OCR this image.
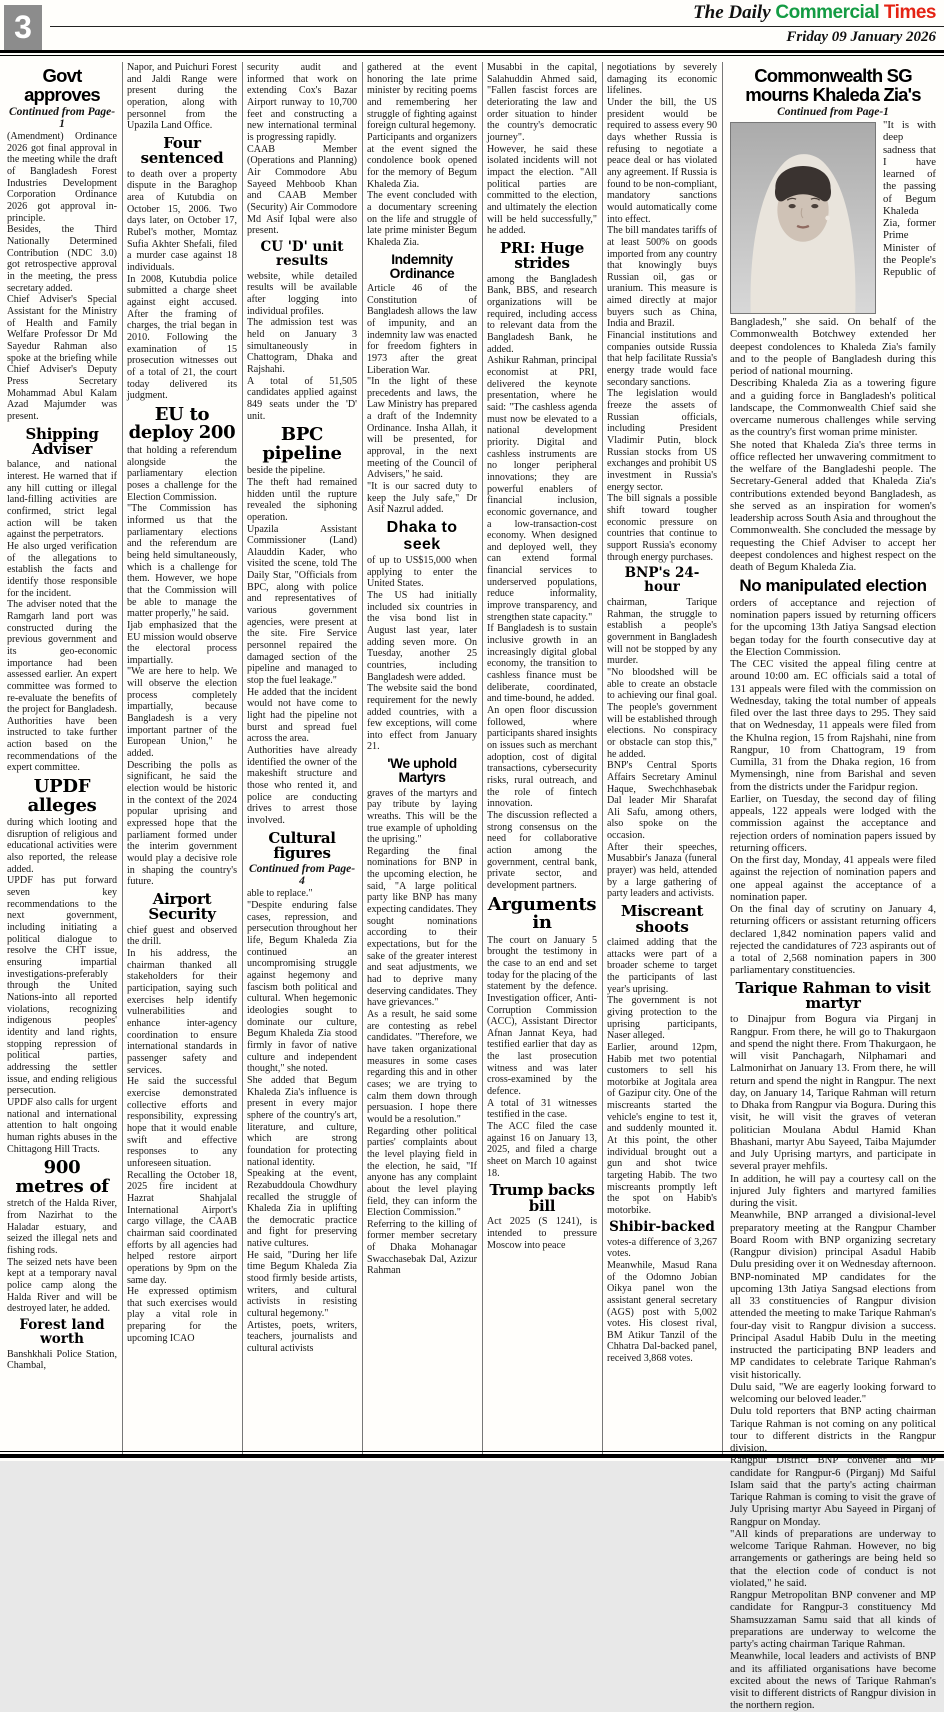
3	The Daily Commercial Times
Friday 09 January 2026
Govt approves
Continued from Page-1

(Amendment) Ordinance 2026 got final approval in the meeting while the draft of Bangladesh Forest Industries Development Corporation Ordinance 2026 got approval in-principle.

Besides, the Third Nationally Determined Contribution (NDC 3.0) got retrospective approval in the meeting, the press secretary added.

Chief Adviser's Special Assistant for the Ministry of Health and Family Welfare Professor Dr Md Sayedur Rahman also spoke at the briefing while Chief Adviser's Deputy Press Secretary Mohammad Abul Kalam Azad Majumder was present.

Shipping Adviser

balance, and national interest. He warned that if any hill cutting or illegal land-filling activities are confirmed, strict legal action will be taken against the perpetrators.

He also urged verification of the allegations to establish the facts and identify those responsible for the incident.

The adviser noted that the Ramgarh land port was constructed during the previous government and its geo-economic importance had been assessed earlier. An expert committee was formed to re-evaluate the benefits of the project for Bangladesh. Authorities have been instructed to take further action based on the recommendations of the expert committee.

UPDF alleges

during which looting and disruption of religious and educational activities were also reported, the release added.

UPDF has put forward seven key recommendations to the next government, including initiating a political dialogue to resolve the CHT issue, ensuring impartial investigations-preferably through the United Nations-into all reported violations, recognizing indigenous peoples' identity and land rights, stopping repression of political parties, addressing the settler issue, and ending religious persecution.

UPDF also calls for urgent national and international attention to halt ongoing human rights abuses in the Chittagong Hill Tracts.

900 metres of

stretch of the Halda River, from Nazirhat to the Haladar estuary, and seized the illegal nets and fishing rods.

The seized nets have been kept at a temporary naval police camp along the Halda River and will be destroyed later, he added.

Forest land worth

Banshkhali Police Station, Chambal,

Napor, and Puichuri Forest and Jaldi Range were present during the operation, along with personnel from the Upazila Land Office.

Four sentenced

to death over a property dispute in the Baraghop area of Kutubdia on October 15, 2006. Two days later, on October 17, Rubel's mother, Momtaz Sufia Akhter Shefali, filed a murder case against 18 individuals.

In 2008, Kutubdia police submitted a charge sheet against eight accused. After the framing of charges, the trial began in 2010. Following the examination of 15 prosecution witnesses out of a total of 21, the court today delivered its judgment.

EU to deploy 200

that holding a referendum alongside the parliamentary election poses a challenge for the Election Commission.

"The Commission has informed us that the parliamentary elections and the referendum are being held simultaneously, which is a challenge for them. However, we hope that the Commission will be able to manage the matter properly," he said.

Ijab emphasized that the EU mission would observe the electoral process impartially.

"We are here to help. We will observe the election process completely impartially, because Bangladesh is a very important partner of the European Union," he added.

Describing the polls as significant, he said the election would be historic in the context of the 2024 popular uprising and expressed hope that the parliament formed under the interim government would play a decisive role in shaping the country's future.

Airport Security

chief guest and observed the drill.

In his address, the chairman thanked all stakeholders for their participation, saying such exercises help identify vulnerabilities and enhance inter-agency coordination to ensure international standards in passenger safety and services.

He said the successful exercise demonstrated collective efforts and responsibility, expressing hope that it would enable swift and effective responses to any unforeseen situation.

Recalling the October 18, 2025 fire incident at Hazrat Shahjalal International Airport's cargo village, the CAAB chairman said coordinated efforts by all agencies had helped restore airport operations by 9pm on the same day.

He expressed optimism that such exercises would play a vital role in preparing for the upcoming ICAO

security audit and informed that work on extending Cox's Bazar Airport runway to 10,700 feet and constructing a new international terminal is progressing rapidly.

CAAB Member (Operations and Planning) Air Commodore Abu Sayeed Mehboob Khan and CAAB Member (Security) Air Commodore Md Asif Iqbal were also present.

CU 'D' unit results

website, while detailed results will be available after logging into individual profiles.

The admission test was held on January 3 simultaneously in Chattogram, Dhaka and Rajshahi.

A total of 51,505 candidates applied against 849 seats under the 'D' unit.

BPC pipeline

beside the pipeline.

The theft had remained hidden until the rupture revealed the siphoning operation.

Upazila Assistant Commissioner (Land) Alauddin Kader, who visited the scene, told The Daily Star, "Officials from BPC, along with police and representatives of various government agencies, were present at the site. Fire Service personnel repaired the damaged section of the pipeline and managed to stop the fuel leakage."

He added that the incident would not have come to light had the pipeline not burst and spread fuel across the area.

Authorities have already identified the owner of the makeshift structure and those who rented it, and police are conducting drives to arrest those involved.

Cultural figures
Continued from Page- 4

able to replace."

"Despite enduring false cases, repression, and persecution throughout her life, Begum Khaleda Zia continued an uncompromising struggle against hegemony and fascism both political and cultural. When hegemonic ideologies sought to dominate our culture, Begum Khaleda Zia stood firmly in favor of native culture and independent thought," she noted.

She added that Begum Khaleda Zia's influence is present in every major sphere of the country's art, literature, and culture, which are strong foundation for protecting national identity.

Speaking at the event, Rezabuddoula Chowdhury recalled the struggle of Khaleda Zia in uplifting the democratic practice and fight for preserving native cultures.

He said, "During her life time Begum Khaleda Zia stood firmly beside artists, writers, and cultural activists in resisting cultural hegemony."

Artistes, poets, writers, teachers, journalists and cultural activists

gathered at the event honoring the late prime minister by reciting poems and remembering her struggle of fighting against foreign cultural hegemony.

Participants and organizers at the event signed the condolence book opened for the memory of Begum Khaleda Zia.

The event concluded with a documentary screening on the life and struggle of late prime minister Begum Khaleda Zia.

Indemnity Ordinance

Article 46 of the Constitution of Bangladesh allows the law of impunity, and an indemnity law was enacted for freedom fighters in 1973 after the great Liberation War.

"In the light of these precedents and laws, the Law Ministry has prepared a draft of the Indemnity Ordinance. Insha Allah, it will be presented, for approval, in the next meeting of the Council of Advisers," he said.

"It is our sacred duty to keep the July safe," Dr Asif Nazrul added.

Dhaka to seek

of up to US$15,000 when applying to enter the United States.

The US had initially included six countries in the visa bond list in August last year, later adding seven more. On Tuesday, another 25 countries, including Bangladesh were added.

The website said the bond requirement for the newly added countries, with a few exceptions, will come into effect from January 21.

'We uphold Martyrs

graves of the martyrs and pay tribute by laying wreaths. This will be the true example of upholding the uprising."

Regarding the final nominations for BNP in the upcoming election, he said, "A large political party like BNP has many expecting candidates. They sought nominations according to their expectations, but for the sake of the greater interest and seat adjustments, we had to deprive many deserving candidates. They have grievances."

As a result, he said some are contesting as rebel candidates. "Therefore, we have taken organizational measures in some cases regarding this and in other cases; we are trying to calm them down through persuasion. I hope there would be a resolution."

Regarding other political parties' complaints about the level playing field in the election, he said, "If anyone has any complaint about the level playing field, they can inform the Election Commission."

Referring to the killing of former member secretary of Dhaka Mohanagar Swacchasebak Dal, Azizur Rahman

Musabbi in the capital, Salahuddin Ahmed said, "Fallen fascist forces are deteriorating the law and order situation to hinder the country's democratic journey".

However, he said these isolated incidents will not impact the election. "All political parties are committed to the election, and ultimately the election will be held successfully," he added.

PRI: Huge strides

among the Bangladesh Bank, BBS, and research organizations will be required, including access to relevant data from the Bangladesh Bank, he added.

Ashikur Rahman, principal economist at PRI, delivered the keynote presentation, where he said: "The cashless agenda must now be elevated to a national development priority. Digital and cashless instruments are no longer peripheral innovations; they are powerful enablers of financial inclusion, economic governance, and a low-transaction-cost economy. When designed and deployed well, they can extend formal financial services to underserved populations, reduce informality, improve transparency, and strengthen state capacity."

If Bangladesh is to sustain inclusive growth in an increasingly digital global economy, the transition to cashless finance must be deliberate, coordinated, and time-bound, he added.

An open floor discussion followed, where participants shared insights on issues such as merchant adoption, cost of digital transactions, cybersecurity risks, rural outreach, and the role of fintech innovation.

The discussion reflected a strong consensus on the need for collaborative action among the government, central bank, private sector, and development partners.

Arguments in

The court on January 5 brought the testimony in the case to an end and set today for the placing of the statement by the defence. Investigation officer, Anti-Corruption Commission (ACC), Assistant Director Afnan Jannat Keya, had testified earlier that day as the last prosecution witness and was later cross-examined by the defence.

A total of 31 witnesses testified in the case.

The ACC filed the case against 16 on January 13, 2025, and filed a charge sheet on March 10 against 18.

Trump backs bill

Act 2025 (S 1241), is intended to pressure Moscow into peace

negotiations by severely damaging its economic lifelines.

Under the bill, the US president would be required to assess every 90 days whether Russia is refusing to negotiate a peace deal or has violated any agreement. If Russia is found to be non-compliant, mandatory sanctions would automatically come into effect.

The bill mandates tariffs of at least 500% on goods imported from any country that knowingly buys Russian oil, gas or uranium. This measure is aimed directly at major buyers such as China, India and Brazil.

Financial institutions and companies outside Russia that help facilitate Russia's energy trade would face secondary sanctions.

The legislation would freeze the assets of Russian officials, including President Vladimir Putin, block Russian stocks from US exchanges and prohibit US investment in Russia's energy sector.

The bill signals a possible shift toward tougher economic pressure on countries that continue to support Russia's economy through energy purchases.

BNP's 24-hour

chairman, Tarique Rahman, the struggle to establish a people's government in Bangladesh will not be stopped by any murder.

"No bloodshed will be able to create an obstacle to achieving our final goal. The people's government will be established through elections. No conspiracy or obstacle can stop this," he added.

BNP's Central Sports Affairs Secretary Aminul Haque, Swechchhasebak Dal leader Mir Sharafat Ali Safu, among others, also spoke on the occasion.

After their speeches, Musabbir's Janaza (funeral prayer) was held, attended by a large gathering of party leaders and activists.

Miscreant shoots

claimed adding that the attacks were part of a broader scheme to target the participants of last year's uprising.

The government is not giving protection to the uprising participants, Naser alleged.

Earlier, around 12pm, Habib met two potential customers to sell his motorbike at Jogitala area of Gazipur city. One of the miscreants started the vehicle's engine to test it, and suddenly mounted it. At this point, the other individual brought out a gun and shot twice targeting Habib. The two miscreants promptly left the spot on Habib's motorbike.

Shibir-backed

votes-a difference of 3,267 votes.

Meanwhile, Masud Rana of the Odomno Jobian Oikya panel won the assistant general secretary (AGS) post with 5,002 votes. His closest rival, BM Atikur Tanzil of the Chhatra Dal-backed panel, received 3,868 votes.

Commonwealth SG mourns Khaleda Zia's
Continued from Page-1

"It is with deep sadness that I have learned of the passing of Begum Khaleda Zia, former Prime Minister of the People's Republic of Bangladesh," she said. On behalf of the Commonwealth Botchwey extended her deepest condolences to Khaleda Zia's family and to the people of Bangladesh during this period of national mourning.

Describing Khaleda Zia as a towering figure and a guiding force in Bangladesh's political landscape, the Commonwealth Chief said she overcame numerous challenges while serving as the country's first woman prime minister.

She noted that Khaleda Zia's three terms in office reflected her unwavering commitment to the welfare of the Bangladeshi people. The Secretary-General added that Khaleda Zia's contributions extended beyond Bangladesh, as she served as an inspiration for women's leadership across South Asia and throughout the Commonwealth. She concluded the message by requesting the Chief Adviser to accept her deepest condolences and highest respect on the death of Begum Khaleda Zia.

No manipulated election

orders of acceptance and rejection of nomination papers issued by returning officers for the upcoming 13th Jatiya Sangsad election began today for the fourth consecutive day at the Election Commission.

The CEC visited the appeal filing centre at around 10:00 am. EC officials said a total of 131 appeals were filed with the commission on Wednesday, taking the total number of appeals filed over the last three days to 295. They said that on Wednesday, 11 appeals were filed from the Khulna region, 15 from Rajshahi, nine from Rangpur, 10 from Chattogram, 19 from Cumilla, 31 from the Dhaka region, 16 from Mymensingh, nine from Barishal and seven from the districts under the Faridpur region.

Earlier, on Tuesday, the second day of filing appeals, 122 appeals were lodged with the commission against the acceptance and rejection orders of nomination papers issued by returning officers.

On the first day, Monday, 41 appeals were filed against the rejection of nomination papers and one appeal against the acceptance of a nomination paper.

On the final day of scrutiny on January 4, returning officers or assistant returning officers declared 1,842 nomination papers valid and rejected the candidatures of 723 aspirants out of a total of 2,568 nomination papers in 300 parliamentary constituencies.

Tarique Rahman to visit martyr

to Dinajpur from Bogura via Pirganj in Rangpur. From there, he will go to Thakurgaon and spend the night there. From Thakurgaon, he will visit Panchagarh, Nilphamari and Lalmonirhat on January 13. From there, he will return and spend the night in Rangpur. The next day, on January 14, Tarique Rahman will return to Dhaka from Rangpur via Bogura. During this visit, he will visit the graves of veteran politician Moulana Abdul Hamid Khan Bhashani, martyr Abu Sayeed, Taiba Majumder and July Uprising martyrs, and participate in several prayer mehfils.

In addition, he will pay a courtesy call on the injured July fighters and martyred families during the visit.

Meanwhile, BNP arranged a divisional-level preparatory meeting at the Rangpur Chamber Board Room with BNP organizing secretary (Rangpur division) principal Asadul Habib Dulu presiding over it on Wednesday afternoon. BNP-nominated MP candidates for the upcoming 13th Jatiya Sangsad elections from all 33 constituencies of Rangpur division attended the meeting to make Tarique Rahman's four-day visit to Rangpur division a success. Principal Asadul Habib Dulu in the meeting instructed the participating BNP leaders and MP candidates to celebrate Tarique Rahman's visit historically.

Dulu said, "We are eagerly looking forward to welcoming our beloved leader."

Dulu told reporters that BNP acting chairman Tarique Rahman is not coming on any political tour to different districts in the Rangpur division.

Rangpur District BNP convener and MP candidate for Rangpur-6 (Pirganj) Md Saiful Islam said that the party's acting chairman Tarique Rahman is coming to visit the grave of July Uprising martyr Abu Sayeed in Pirganj of Rangpur on Monday.

"All kinds of preparations are underway to welcome Tarique Rahman. However, no big arrangements or gatherings are being held so that the election code of conduct is not violated," he said.

Rangpur Metropolitan BNP convener and MP candidate for Rangpur-3 constituency Md Shamsuzzaman Samu said that all kinds of preparations are underway to welcome the party's acting chairman Tarique Rahman.

Meanwhile, local leaders and activists of BNP and its affiliated organisations have become excited about the news of Tarique Rahman's visit to different districts of Rangpur division in the northern region.
